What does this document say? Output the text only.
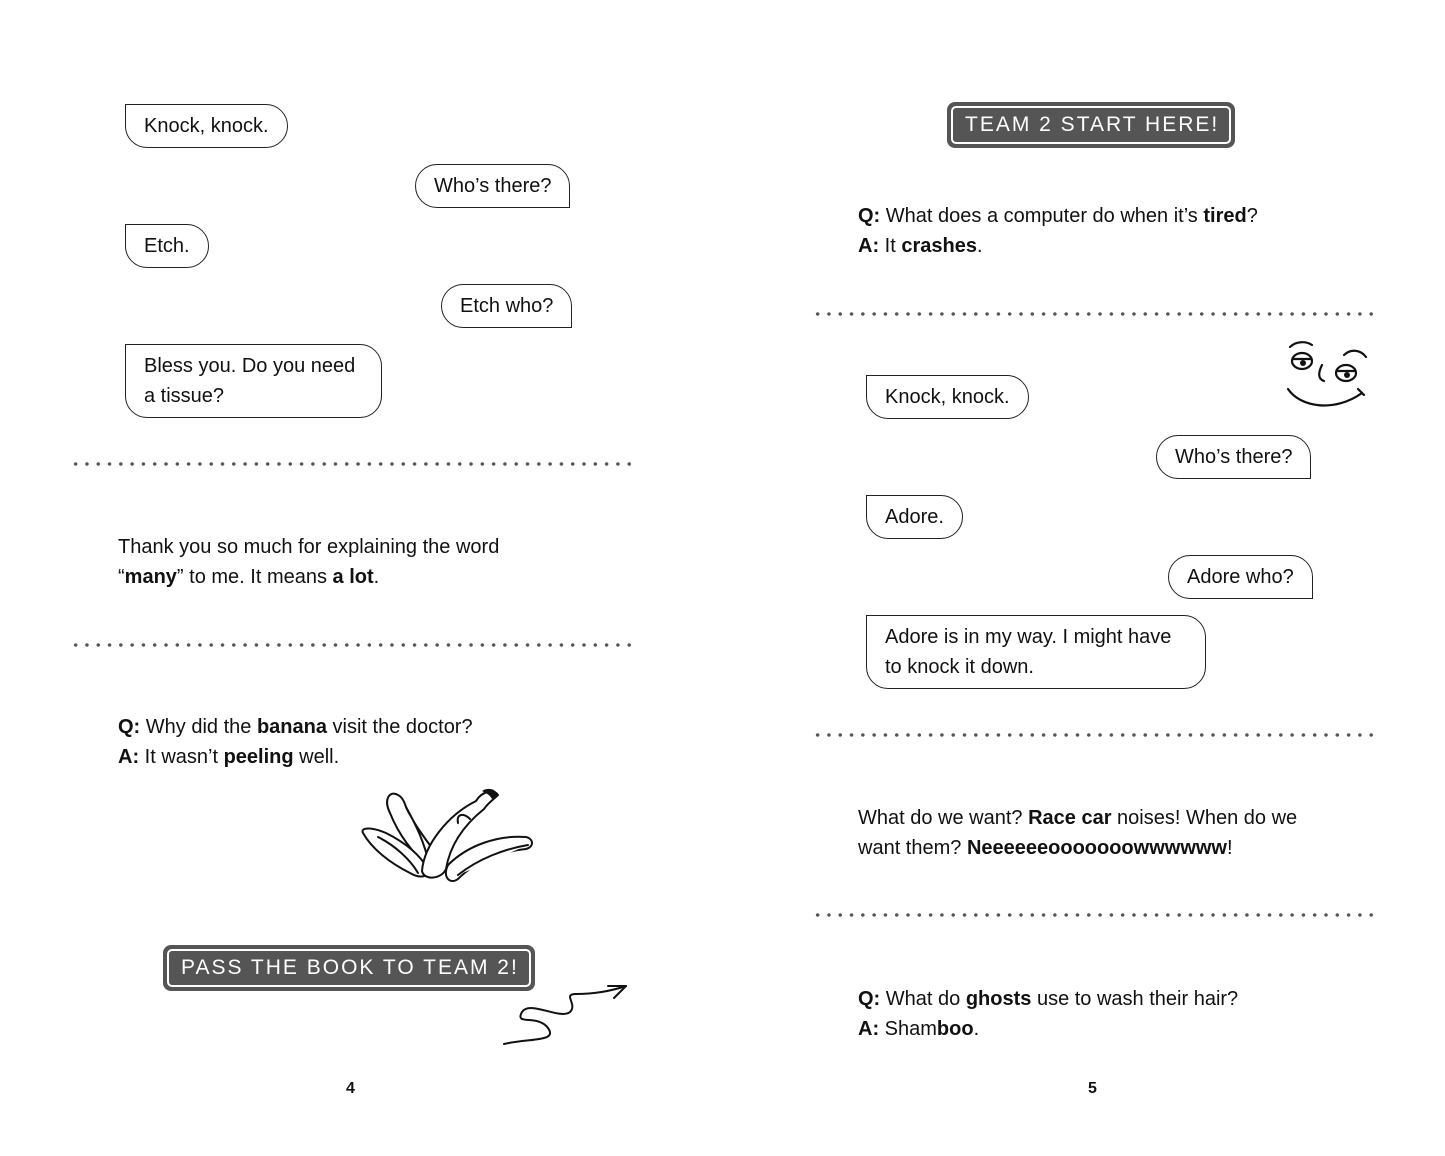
Knock, knock.
Who’s there?
Etch.
Etch who?
Bless you. Do you need a tissue?
Thank you so much for explaining the word
“many” to me. It means a lot.
Q: Why did the banana visit the doctor?
A: It wasn’t peeling well.
PASS THE BOOK TO TEAM 2!
4
TEAM 2 START HERE!
Q: What does a computer do when it’s tired?
A: It crashes.
Knock, knock.
Who’s there?
Adore.
Adore who?
Adore is in my way. I might have to knock it down.
What do we want? Race car noises! When do we want them? Neeeeeeooooooowwwwww!
Q: What do ghosts use to wash their hair?
A: Shamboo.
5
